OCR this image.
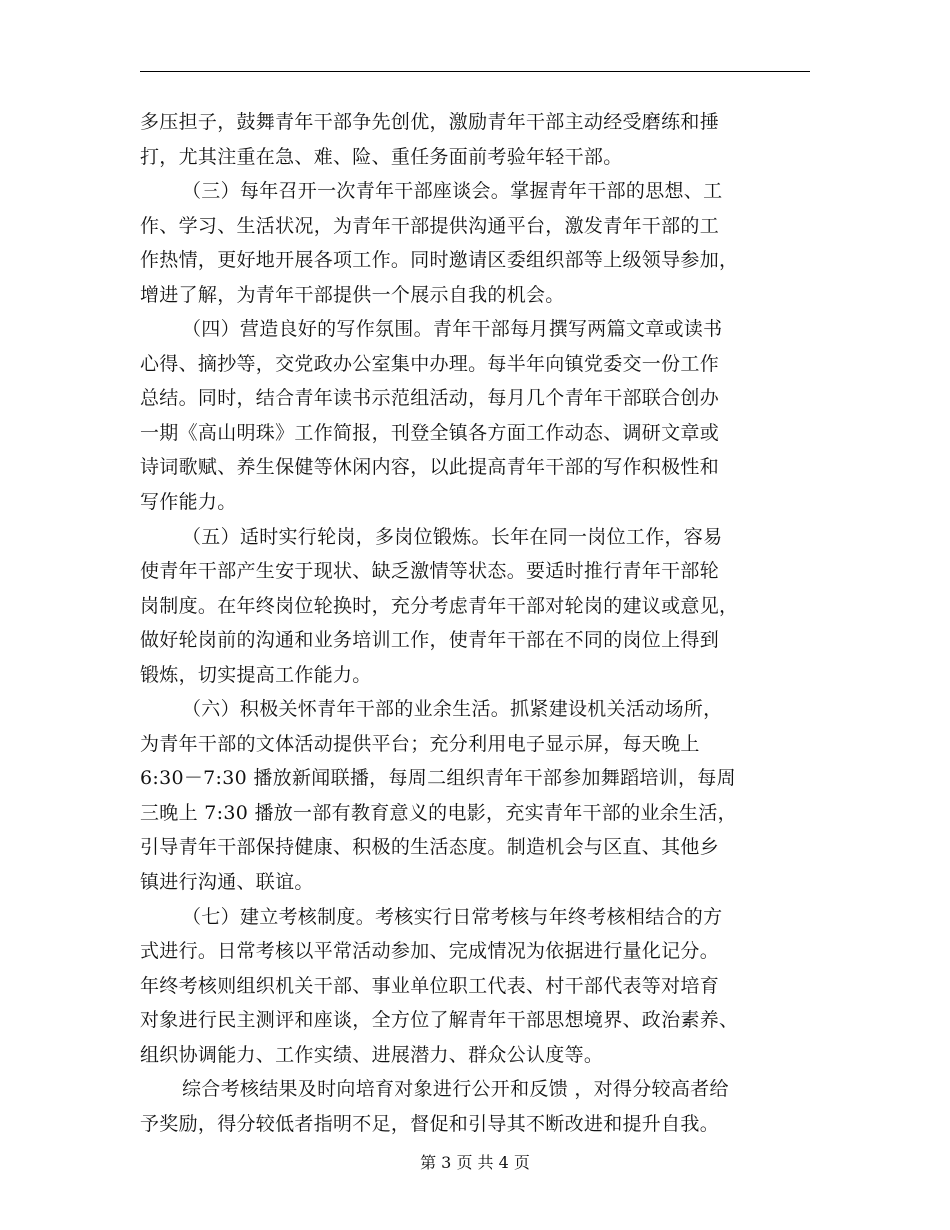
多压担子，鼓舞青年干部争先创优，激励青年干部主动经受磨练和捶
打，尤其注重在急、难、险、重任务面前考验年轻干部。
（三）每年召开一次青年干部座谈会。掌握青年干部的思想、工
作、学习、生活状况，为青年干部提供沟通平台，激发青年干部的工
作热情，更好地开展各项工作。同时邀请区委组织部等上级领导参加，
增进了解，为青年干部提供一个展示自我的机会。
（四）营造良好的写作氛围。青年干部每月撰写两篇文章或读书
心得、摘抄等，交党政办公室集中办理。每半年向镇党委交一份工作
总结。同时，结合青年读书示范组活动，每月几个青年干部联合创办
一期《高山明珠》工作简报，刊登全镇各方面工作动态、调研文章或
诗词歌赋、养生保健等休闲内容，以此提高青年干部的写作积极性和
写作能力。
（五）适时实行轮岗，多岗位锻炼。长年在同一岗位工作，容易
使青年干部产生安于现状、缺乏激情等状态。要适时推行青年干部轮
岗制度。在年终岗位轮换时，充分考虑青年干部对轮岗的建议或意见，
做好轮岗前的沟通和业务培训工作，使青年干部在不同的岗位上得到
锻炼，切实提高工作能力。
（六）积极关怀青年干部的业余生活。抓紧建设机关活动场所，
为青年干部的文体活动提供平台；充分利用电子显示屏，每天晚上
6:30－7:30 播放新闻联播，每周二组织青年干部参加舞蹈培训，每周
三晚上 7:30 播放一部有教育意义的电影，充实青年干部的业余生活，
引导青年干部保持健康、积极的生活态度。制造机会与区直、其他乡
镇进行沟通、联谊。
（七）建立考核制度。考核实行日常考核与年终考核相结合的方
式进行。日常考核以平常活动参加、完成情况为依据进行量化记分。
年终考核则组织机关干部、事业单位职工代表、村干部代表等对培育
对象进行民主测评和座谈，全方位了解青年干部思想境界、政治素养、
组织协调能力、工作实绩、进展潜力、群众公认度等。
综合考核结果及时向培育对象进行公开和反馈 ，对得分较高者给
予奖励，得分较低者指明不足，督促和引导其不断改进和提升自我。
第 3 页 共 4 页
